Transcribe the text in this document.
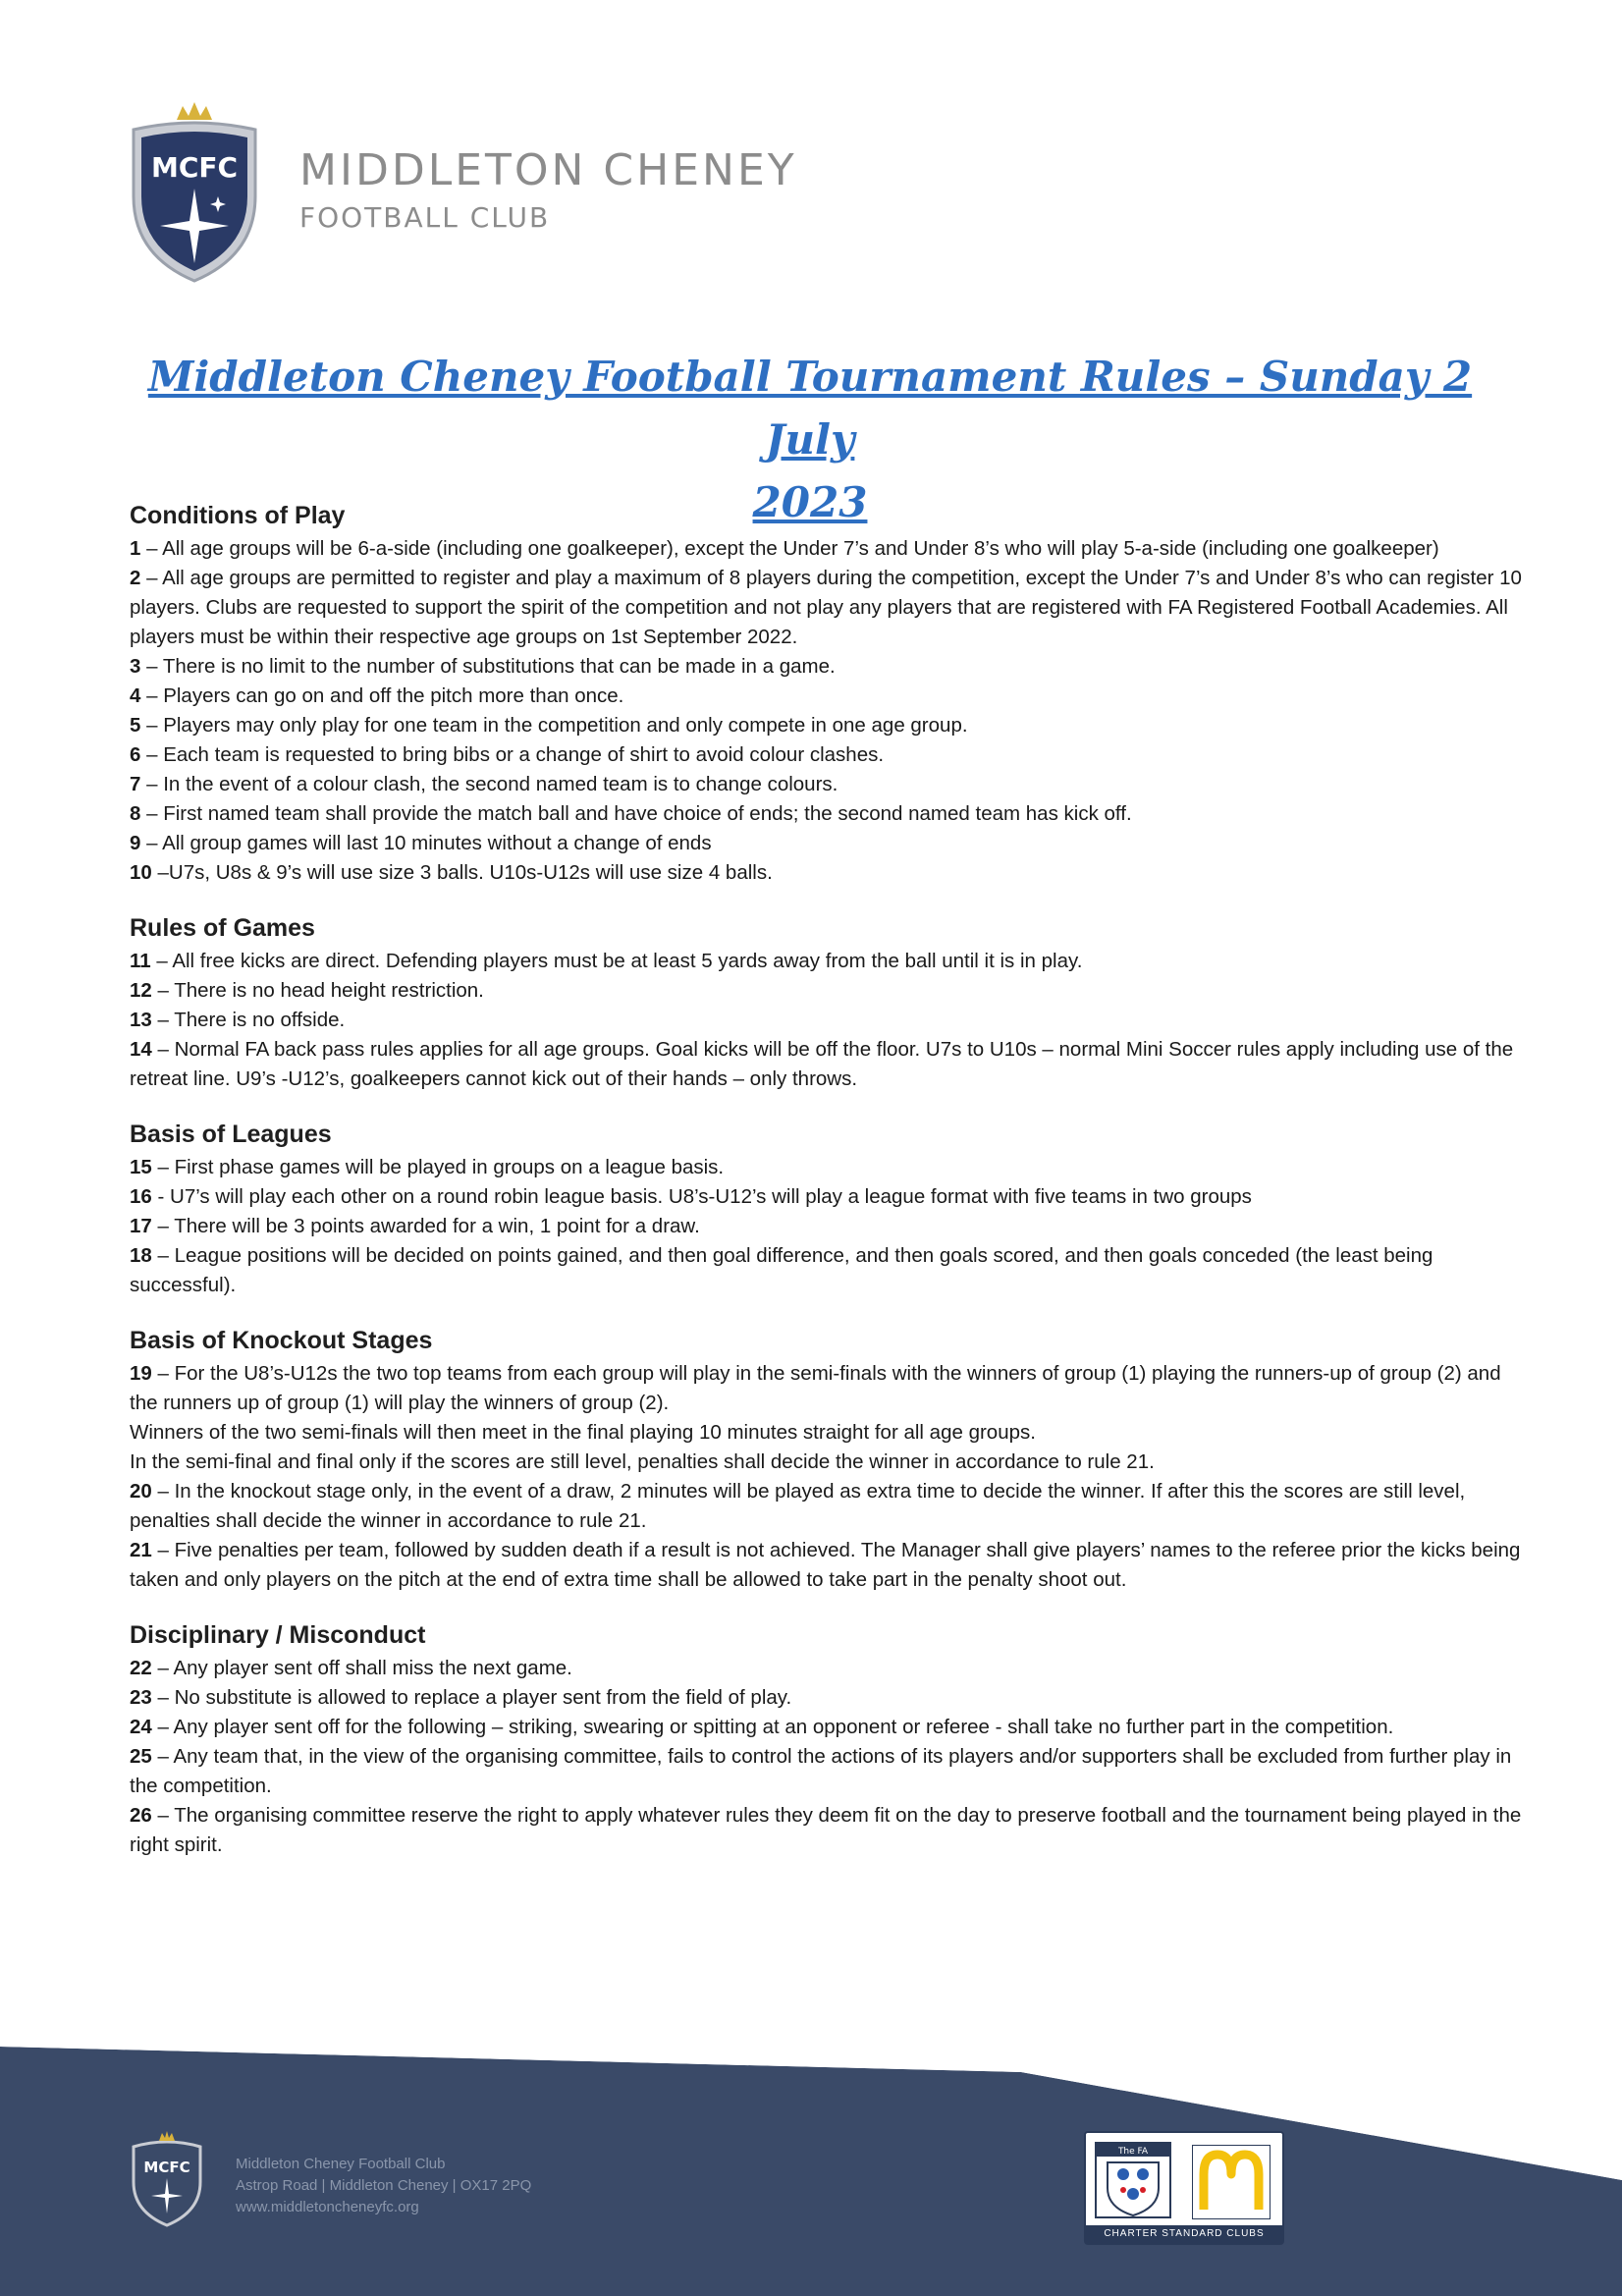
MCFC MIDDLETON CHENEY
FOOTBALL CLUB
Middleton Cheney Football Tournament Rules – Sunday 2 July
2023
Conditions of Play

1 – All age groups will be 6-a-side (including one goalkeeper), except the Under 7’s and Under 8’s who will play 5-a-side (including one goalkeeper)

2 – All age groups are permitted to register and play a maximum of 8 players during the competition, except the Under 7’s and Under 8’s who can register 10 players. Clubs are requested to support the spirit of the competition and not play any players that are registered with FA Registered Football Academies. All players must be within their respective age groups on 1st September 2022.

3 – There is no limit to the number of substitutions that can be made in a game.

4 – Players can go on and off the pitch more than once.

5 – Players may only play for one team in the competition and only compete in one age group.

6 – Each team is requested to bring bibs or a change of shirt to avoid colour clashes.

7 – In the event of a colour clash, the second named team is to change colours.

8 – First named team shall provide the match ball and have choice of ends; the second named team has kick off.

9 – All group games will last 10 minutes without a change of ends

10 –U7s, U8s & 9’s will use size 3 balls. U10s-U12s will use size 4 balls.

Rules of Games

11 – All free kicks are direct. Defending players must be at least 5 yards away from the ball until it is in play.

12 – There is no head height restriction.

13 – There is no offside.

14 – Normal FA back pass rules applies for all age groups. Goal kicks will be off the floor. U7s to U10s – normal Mini Soccer rules apply including use of the retreat line. U9’s -U12’s, goalkeepers cannot kick out of their hands – only throws.

Basis of Leagues

15 – First phase games will be played in groups on a league basis.

16 - U7’s will play each other on a round robin league basis. U8’s-U12’s will play a league format with five teams in two groups

17 – There will be 3 points awarded for a win, 1 point for a draw.

18 – League positions will be decided on points gained, and then goal difference, and then goals scored, and then goals conceded (the least being successful).

Basis of Knockout Stages

19 – For the U8’s-U12s the two top teams from each group will play in the semi-finals with the winners of group (1) playing the runners-up of group (2) and the runners up of group (1) will play the winners of group (2).

Winners of the two semi-finals will then meet in the final playing 10 minutes straight for all age groups.

In the semi-final and final only if the scores are still level, penalties shall decide the winner in accordance to rule 21.

20 – In the knockout stage only, in the event of a draw, 2 minutes will be played as extra time to decide the winner. If after this the scores are still level, penalties shall decide the winner in accordance to rule 21.

21 – Five penalties per team, followed by sudden death if a result is not achieved. The Manager shall give players’ names to the referee prior the kicks being taken and only players on the pitch at the end of extra time shall be allowed to take part in the penalty shoot out.

Disciplinary / Misconduct

22 – Any player sent off shall miss the next game.

23 – No substitute is allowed to replace a player sent from the field of play.

24 – Any player sent off for the following – striking, swearing or spitting at an opponent or referee - shall take no further part in the competition.

25 – Any team that, in the view of the organising committee, fails to control the actions of its players and/or supporters shall be excluded from further play in the competition.

26 – The organising committee reserve the right to apply whatever rules they deem fit on the day to preserve football and the tournament being played in the right spirit.

MCFC	Middleton Cheney Football Club
Astrop Road | Middleton Cheney | OX17 2PQ
www.middletoncheneyfc.org
The FA
CHARTER STANDARD CLUBS
